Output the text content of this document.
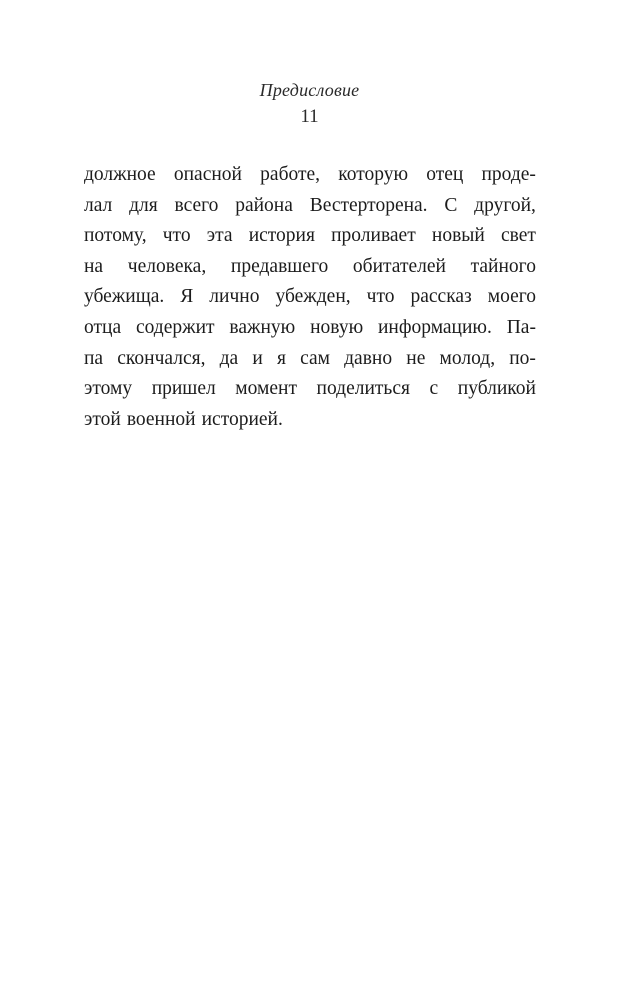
Предисловие
11
должное опасной работе, которую отец проде-
лал для всего района Вестерторена. С другой,
потому, что эта история проливает новый свет
на человека, предавшего обитателей тайного
убежища. Я лично убежден, что рассказ моего
отца содержит важную новую информацию. Па-
па скончался, да и я сам давно не молод, по-
этому пришел момент поделиться с публикой
этой военной историей.
